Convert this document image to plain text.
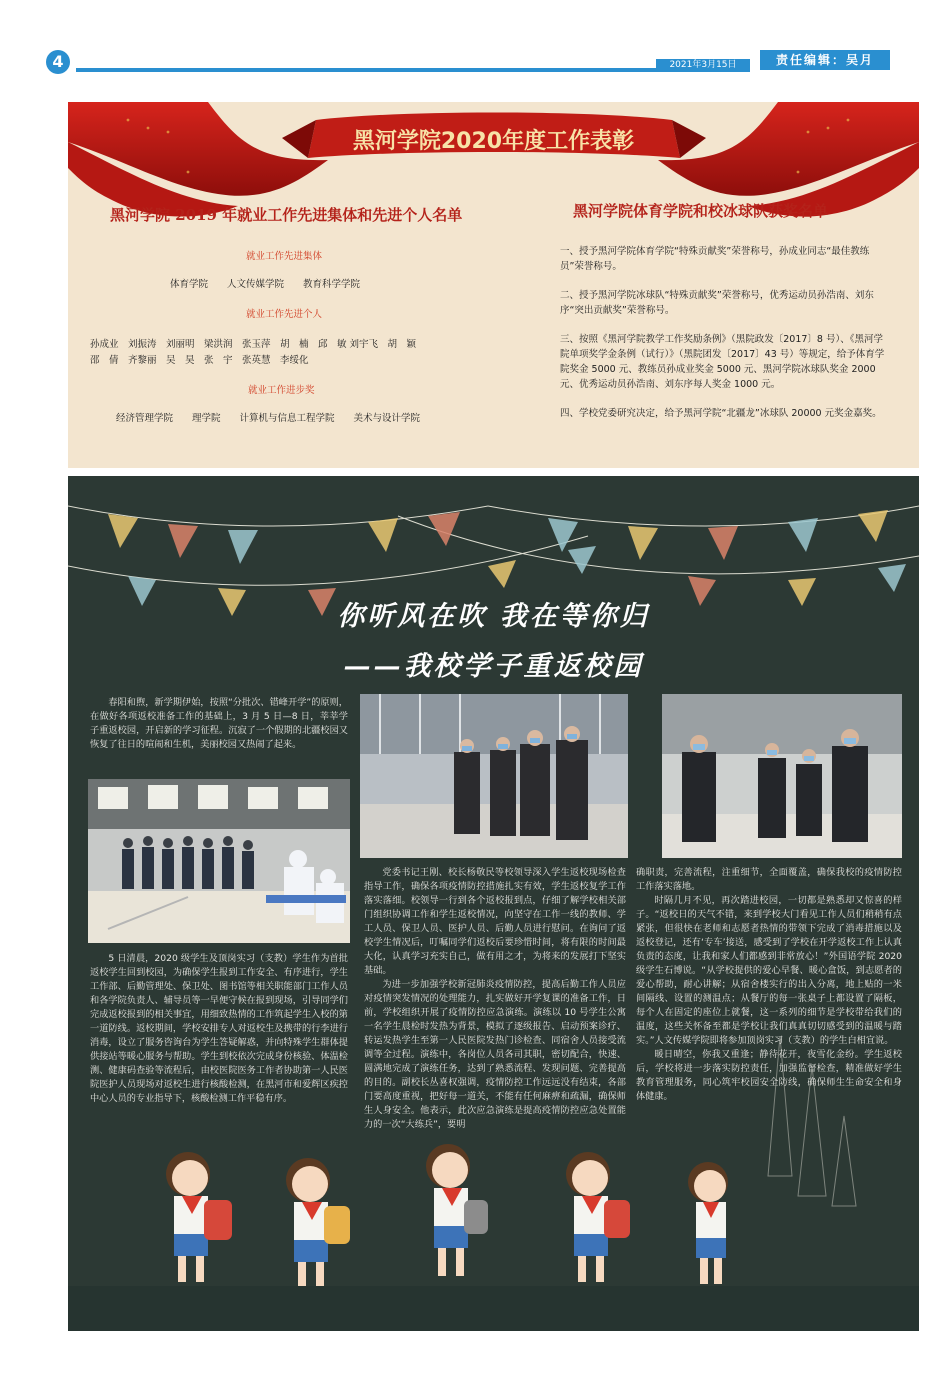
4	2021年3月15日	责任编辑：吴月
黑河学院2020年度工作表彰
黑河学院 2019 年就业工作先进集体和先进个人名单
就业工作先进集体
体育学院　　人文传媒学院　　教育科学学院
就业工作先进个人
孙成业　刘振涛　刘丽明　梁洪润　张玉萍　胡　楠　邱　敏 刘宇飞　胡　颖
邵　倩　齐黎丽　吴　昊　张　宇　张英慧　李绥化
就业工作进步奖
经济管理学院　　理学院　　计算机与信息工程学院　　美术与设计学院
黑河学院体育学院和校冰球队获奖名单
一、授予黑河学院体育学院“特殊贡献奖”荣誉称号，孙成业同志“最佳教练员”荣誉称号。
二、授予黑河学院冰球队“特殊贡献奖”荣誉称号，优秀运动员孙浩南、刘东序“突出贡献奖”荣誉称号。
三、按照《黑河学院教学工作奖励条例》（黑院政发〔2017〕8 号）、《黑河学院单项奖学金条例（试行）》（黑院团发〔2017〕43 号）等规定，给予体育学院奖金 5000 元、教练员孙成业奖金 5000 元、黑河学院冰球队奖金 2000 元、优秀运动员孙浩南、刘东序每人奖金 1000 元。
四、学校党委研究决定，给予黑河学院“北疆龙”冰球队 20000 元奖金嘉奖。
你听风在吹 我在等你归
——我校学子重返校园

春阳和煦，新学期伊始，按照“分批次、错峰开学”的原则，在做好各项返校准备工作的基础上，3 月 5 日—8 日，莘莘学子重返校园，开启新的学习征程。沉寂了一个假期的北疆校园又恢复了往日的喧闹和生机，美丽校园又热闹了起来。

5 日清晨，2020 级学生及顶岗实习（支教）学生作为首批返校学生回到校园，为确保学生报到工作安全、有序进行，学生工作部、后勤管理处、保卫处、图书馆等相关职能部门工作人员和各学院负责人、辅导员等一早便守候在报到现场，引导同学们完成返校报到的相关事宜，用细致热情的工作筑起学生入校的第一道防线。返校期间，学校安排专人对返校生及携带的行李进行消毒，设立了服务咨询台为学生答疑解惑，并向特殊学生群体提供接站等暖心服务与帮助。学生到校依次完成身份核验、体温检测、健康码查验等流程后，由校医院医务工作者协助第一人民医院医护人员现场对返校生进行核酸检测，在黑河市和爱辉区疾控中心人员的专业指导下，核酸检测工作平稳有序。

党委书记王刚、校长杨敬民等校领导深入学生返校现场检查指导工作，确保各项疫情防控措施扎实有效，学生返校复学工作落实落细。校领导一行到各个返校报到点，仔细了解学校相关部门组织协调工作和学生返校情况，向坚守在工作一线的教师、学工人员、保卫人员、医护人员、后勤人员进行慰问。在询问了返校学生情况后，叮嘱同学们返校后要珍惜时间，将有限的时间最大化，认真学习充实自己，做有用之才，为将来的发展打下坚实基础。

为进一步加强学校新冠肺炎疫情防控，提高后勤工作人员应对疫情突发情况的处理能力，扎实做好开学复课的准备工作，日前，学校组织开展了疫情防控应急演练。演练以 10 号学生公寓一名学生晨检时发热为背景，模拟了逐级报告、启动预案诊疗、转运发热学生至第一人民医院发热门诊检查、同宿舍人员接受流调等全过程。演练中，各岗位人员各司其职，密切配合，快速、圆满地完成了演练任务，达到了熟悉流程、发现问题、完善提高的目的。副校长丛喜权强调，疫情防控工作远远没有结束，各部门要高度重视，把好每一道关，不能有任何麻痹和疏漏，确保师生人身安全。他表示，此次应急演练是提高疫情防控应急处置能力的一次“大练兵”，要明

确职责，完善流程，注重细节，全面覆盖，确保我校的疫情防控工作落实落地。

时隔几月不见，再次踏进校园，一切都是熟悉却又惊喜的样子。“返校日的天气不错，来到学校大门看见工作人员们稍稍有点紧张，但很快在老师和志愿者热情的带领下完成了消毒措施以及返校登记，还有‘专车’接送，感受到了学校在开学返校工作上认真负责的态度，让我和家人们都感到非常放心！”外国语学院 2020 级学生石博说。“从学校提供的爱心早餐、暖心盒饭，到志愿者的爱心帮助，耐心讲解；从宿舍楼实行的出入分离，地上贴的一米间隔线、设置的测温点；从餐厅的每一张桌子上都设置了隔板，每个人在固定的座位上就餐，这一系列的细节是学校带给我们的温度，这些关怀备至都是学校让我们真真切切感受到的温暖与踏实。”人文传媒学院即将参加顶岗实习（支教）的学生白相宜说。

暖日晴空，你我又重逢；静待花开，夜雪化金纷。学生返校后，学校将进一步落实防控责任，加强监督检查，精准做好学生教育管理服务，同心筑牢校园安全防线，确保师生生命安全和身体健康。
